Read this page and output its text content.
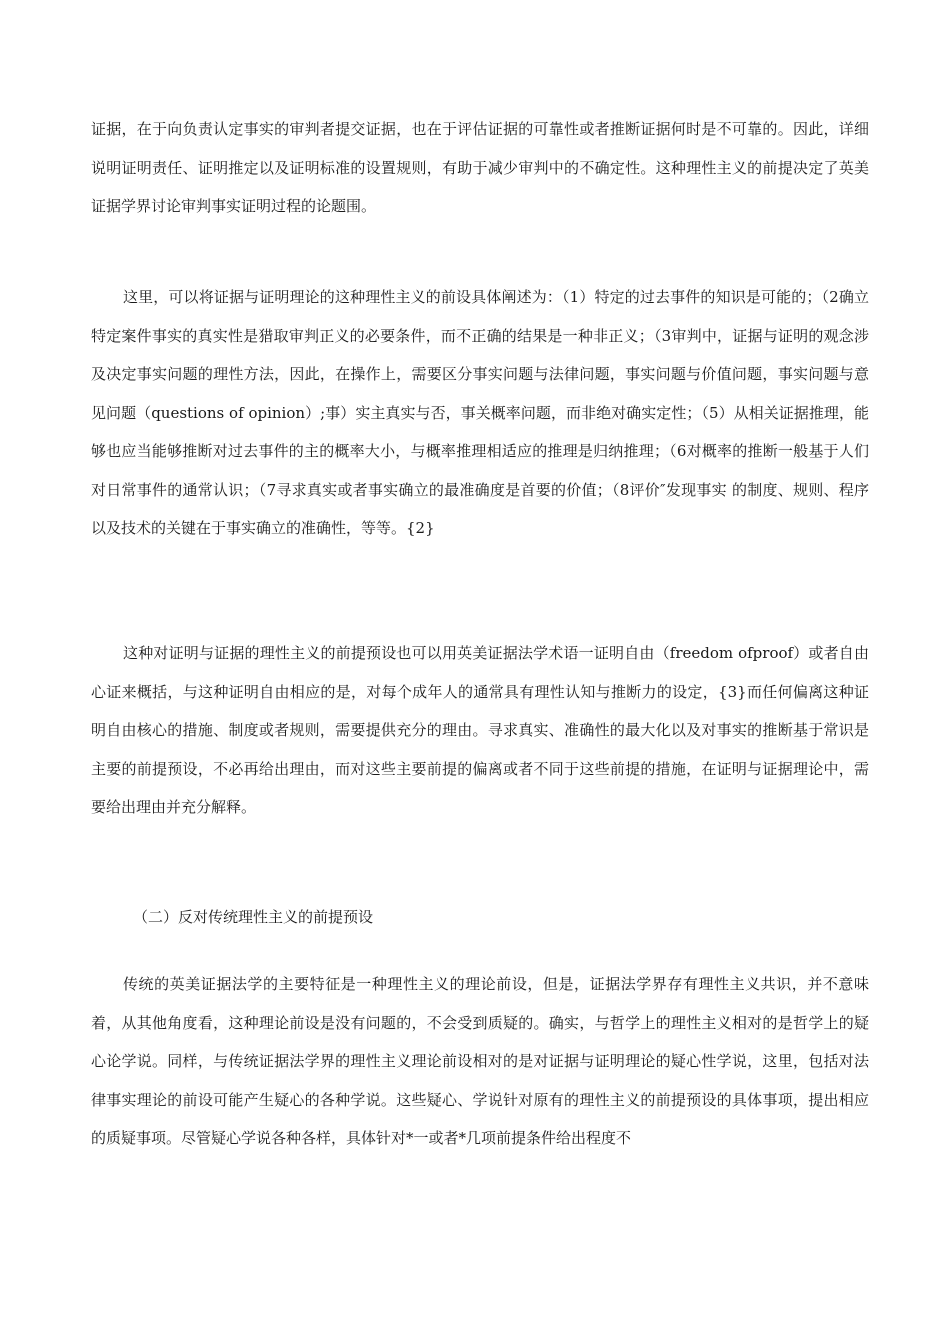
证据，在于向负责认定事实的审判者提交证据，也在于评估证据的可靠性或者推断证据何时是不可靠的。因此，详细说明证明责任、证明推定以及证明标准的设置规则，有助于减少审判中的不确定性。这种理性主义的前提决定了英美证据学界讨论审判事实证明过程的论题围。

这里，可以将证据与证明理论的这种理性主义的前设具体阐述为：（1）特定的过去事件的知识是可能的；（2确立特定案件事实的真实性是猎取审判正义的必要条件，而不正确的结果是一种非正义；（3审判中，证据与证明的观念涉及决定事实问题的理性方法，因此，在操作上，需要区分事实问题与法律问题，事实问题与价值问题，事实问题与意见问题（questions of opinion）;事）实主真实与否，事关概率问题，而非绝对确实定性；（5）从相关证据推理，能够也应当能够推断对过去事件的主的概率大小，与概率推理相适应的推理是归纳推理；（6对概率的推断一般基于人们对日常事件的通常认识；（7寻求真实或者事实确立的最准确度是首要的价值；（8评价″发现事实 的制度、规则、程序以及技术的关键在于事实确立的准确性，等等。{2}

这种对证明与证据的理性主义的前提预设也可以用英美证据法学术语一证明自由（freedom ofproof）或者自由心证来概括，与这种证明自由相应的是，对每个成年人的通常具有理性认知与推断力的设定，{3}而任何偏离这种证明自由核心的措施、制度或者规则，需要提供充分的理由。寻求真实、准确性的最大化以及对事实的推断基于常识是主要的前提预设，不必再给出理由，而对这些主要前提的偏离或者不同于这些前提的措施，在证明与证据理论中，需要给出理由并充分解释。

（二）反对传统理性主义的前提预设

传统的英美证据法学的主要特征是一种理性主义的理论前设，但是，证据法学界存有理性主义共识，并不意味着，从其他角度看，这种理论前设是没有问题的，不会受到质疑的。确实，与哲学上的理性主义相对的是哲学上的疑心论学说。同样，与传统证据法学界的理性主义理论前设相对的是对证据与证明理论的疑心性学说，这里，包括对法律事实理论的前设可能产生疑心的各种学说。这些疑心、学说针对原有的理性主义的前提预设的具体事项，提出相应的质疑事项。尽管疑心学说各种各样，具体针对*一或者*几项前提条件给出程度不
